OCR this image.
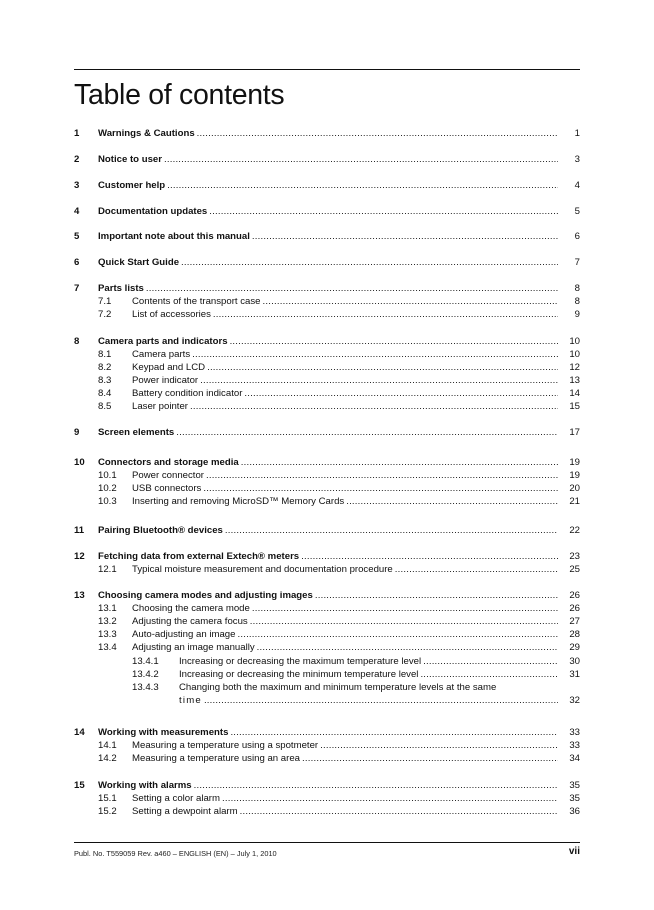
Table of contents
1 Warnings & Cautions .....	1
2 Notice to user .....	3
3 Customer help .....	4
4 Documentation updates .....	5
5 Important note about this manual .....	6
6 Quick Start Guide .....	7
7 Parts lists .....	8
7.1 Contents of the transport case .....	8
7.2 List of accessories .....	9
8 Camera parts and indicators .....	10
8.1 Camera parts .....	10
8.2 Keypad and LCD .....	12
8.3 Power indicator .....	13
8.4 Battery condition indicator .....	14
8.5 Laser pointer .....	15
9 Screen elements .....	17
10 Connectors and storage media .....	19
10.1 Power connector .....	19
10.2 USB connectors .....	20
10.3 Inserting and removing MicroSD™ Memory Cards .....	21
11 Pairing Bluetooth® devices .....	22
12 Fetching data from external Extech® meters .....	23
12.1 Typical moisture measurement and documentation procedure .....	25
13 Choosing camera modes and adjusting images .....	26
13.1 Choosing the camera mode .....	26
13.2 Adjusting the camera focus .....	27
13.3 Auto-adjusting an image .....	28
13.4 Adjusting an image manually .....	29
13.4.1 Increasing or decreasing the maximum temperature level .....	30
13.4.2 Increasing or decreasing the minimum temperature level .....	31
13.4.3 Changing both the maximum and minimum temperature levels at the same
time .....	32
14 Working with measurements .....	33
14.1 Measuring a temperature using a spotmeter .....	33
14.2 Measuring a temperature using an area .....	34
15 Working with alarms .....	35
15.1 Setting a color alarm .....	35
15.2 Setting a dewpoint alarm .....	36
Publ. No. T559059 Rev. a460 – ENGLISH (EN) – July 1, 2010	vii
